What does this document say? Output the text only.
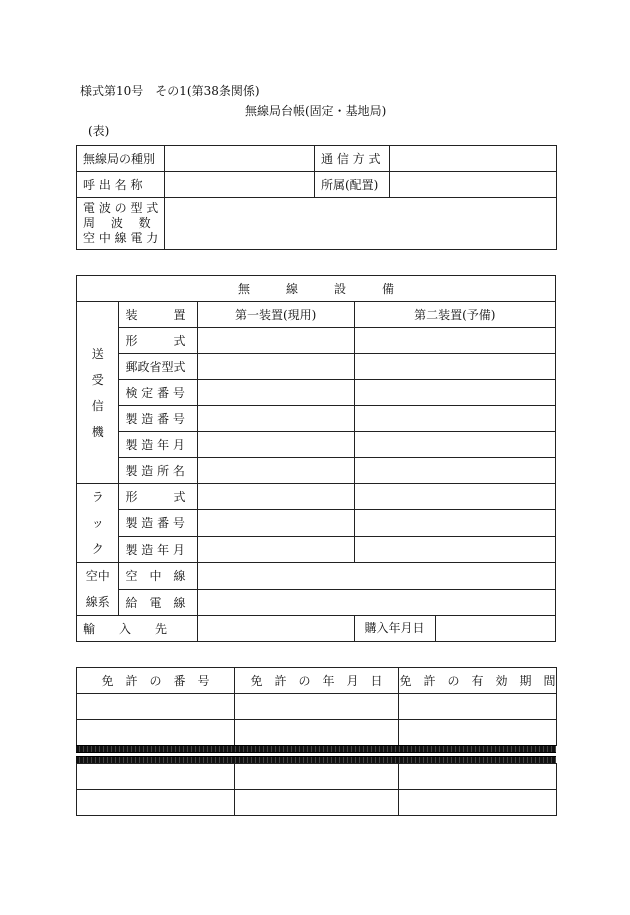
様式第10号　その1(第38条関係)
無線局台帳(固定・基地局)
(表)
無線局の種別		通 信 方 式	
呼 出 名 称		所属(配置)	

電 波 の 型 式
周　 波　 数
空 中 線 電 力			

無　　　線　　　設　　　備			

送
受
信
機	装　　　置	第一装置(現用)	第二装置(予備)
	形　　　式		
	郵政省型式		
	検 定 番 号		
	製 造 番 号		
	製 造 年 月		
	製 造 所 名		

ラ
ッ
ク	形　　　式		
	製 造 番 号		
	製 造 年 月		

空中
線系	空　中　線		
	給　電　線		
輸　　入　　先			購入年月日
免　許　の　番　号	免　許　の　年　月　日	免　許　の　有　効　期　間
